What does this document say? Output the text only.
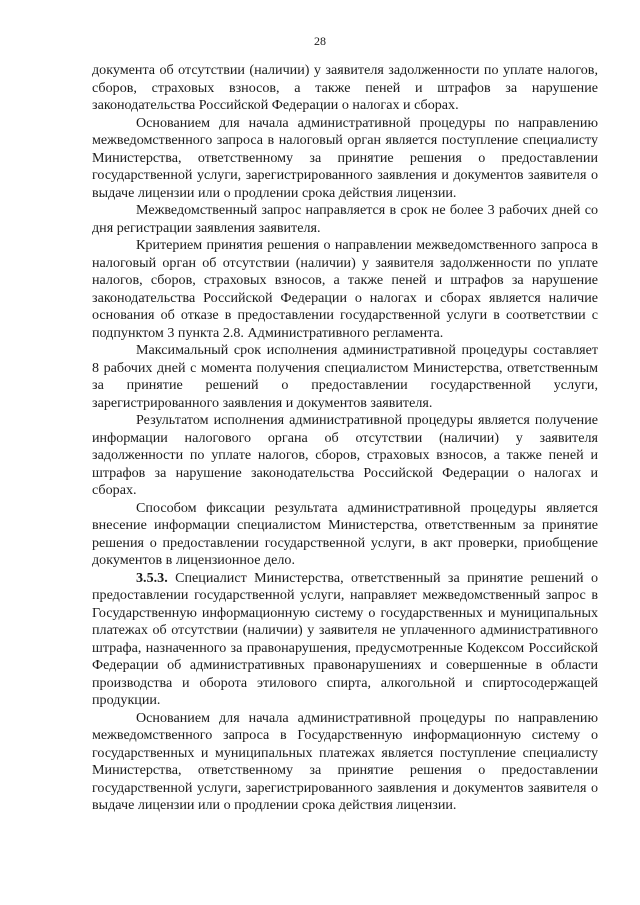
28

документа об отсутствии (наличии) у заявителя задолженности по уплате налогов, сборов, страховых взносов, а также пеней и штрафов за нарушение законодательства Российской Федерации о налогах и сборах.

Основанием для начала административной процедуры по направлению межведомственного запроса в налоговый орган является поступление специалисту Министерства, ответственному за принятие решения о предоставлении государственной услуги, зарегистрированного заявления и документов заявителя о выдаче лицензии или о продлении срока действия лицензии.

Межведомственный запрос направляется в срок не более 3 рабочих дней со дня регистрации заявления заявителя.

Критерием принятия решения о направлении межведомственного запроса в налоговый орган об отсутствии (наличии) у заявителя задолженности по уплате налогов, сборов, страховых взносов, а также пеней и штрафов за нарушение законодательства Российской Федерации о налогах и сборах является наличие основания об отказе в предоставлении государственной услуги в соответствии с подпунктом 3 пункта 2.8. Административного регламента.

Максимальный срок исполнения административной процедуры составляет 8 рабочих дней с момента получения специалистом Министерства, ответственным за принятие решений о предоставлении государственной услуги, зарегистрированного заявления и документов заявителя.

Результатом исполнения административной процедуры является получение информации налогового органа об отсутствии (наличии) у заявителя задолженности по уплате налогов, сборов, страховых взносов, а также пеней и штрафов за нарушение законодательства Российской Федерации о налогах и сборах.

Способом фиксации результата административной процедуры является внесение информации специалистом Министерства, ответственным за принятие решения о предоставлении государственной услуги, в акт проверки, приобщение документов в лицензионное дело.

3.5.3. Специалист Министерства, ответственный за принятие решений о предоставлении государственной услуги, направляет межведомственный запрос в Государственную информационную систему о государственных и муниципальных платежах об отсутствии (наличии) у заявителя не уплаченного административного штрафа, назначенного за правонарушения, предусмотренные Кодексом Российской Федерации об административных правонарушениях и совершенные в области производства и оборота этилового спирта, алкогольной и спиртосодержащей продукции.

Основанием для начала административной процедуры по направлению межведомственного запроса в Государственную информационную систему о государственных и муниципальных платежах является поступление специалисту Министерства, ответственному за принятие решения о предоставлении государственной услуги, зарегистрированного заявления и документов заявителя о выдаче лицензии или о продлении срока действия лицензии.
